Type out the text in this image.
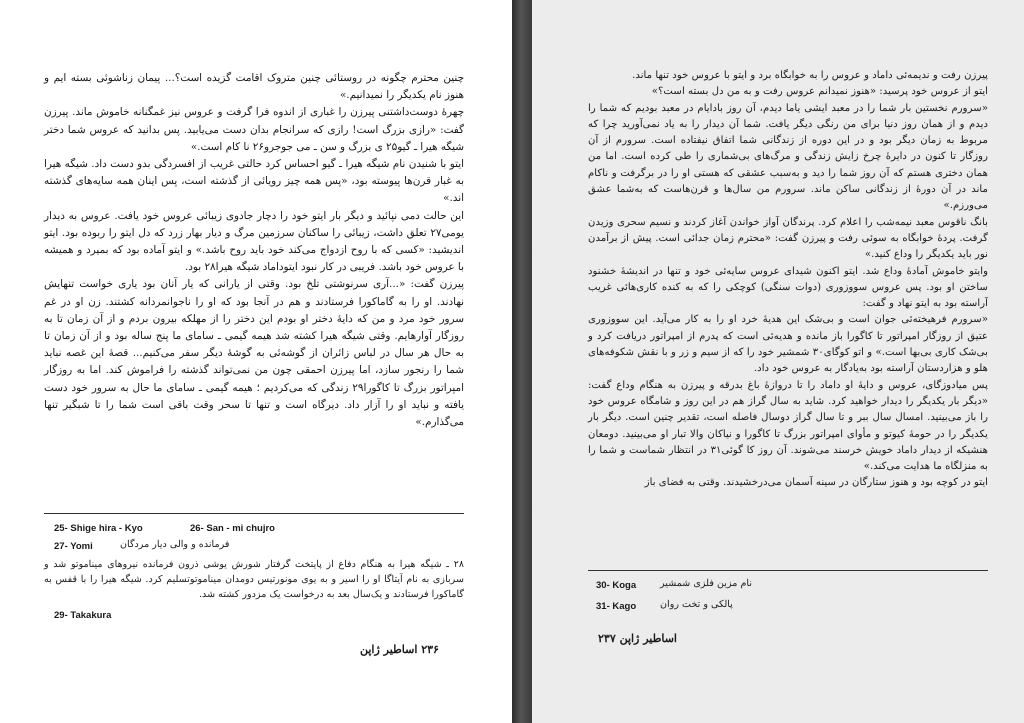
چنین محترم چگونه در روستائی چنین متروک اقامت گزیده است؟... پیمان زناشوئی بسته ایم و هنوز نام یکدیگر را نمیدانیم.»

چهرهٔ دوست‌داشتنی پیرزن را غباری از اندوه فرا گرفت و عروس نیز غمگنانه خاموش ماند. پیرزن گفت: «رازی بزرگ است! رازی که سرانجام بدان دست می‌یابید. پس بدانید که عروس شما دختر شیگه هیرا ـ گیو۲۵ ی بزرگ و سن ـ می جوجرو۲۶ نا کام است.»

ایتو با شنیدن نام شیگه هیرا ـ گیو احساس کرد حالتی غریب از افسردگی بدو دست داد. شیگه هیرا به غبار قرن‌ها پیوسته بود، «پس همه چیز رویائی از گذشته است، پس اینان همه سایه‌های گذشته اند.»

این حالت دمی نپائید و دیگر بار ایتو خود را دچار جادوی زیبائی عروس خود یافت. عروس به دیدار یومی۲۷ تعلق داشت، زیبائی را ساکنان سرزمین مرگ و دیار بهار زرد که دل ایتو را ربوده بود. ایتو اندیشید: «کسی که با روح ازدواج می‌کند خود باید روح باشد.» و ایتو آماده بود که بمیرد و همیشه با عروس خود باشد. فریبی در کار نبود ایتوداماد شیگه هیرا۲۸ بود.

پیرزن گفت: «...آری سرنوشتی تلخ بود. وقتی از یارانی که یار آنان بود یاری خواست تنهایش نهادند. او را به گاماکورا فرستادند و هم در آنجا بود که او را ناجوانمردانه کشتند. زن او در غم سرور خود مرد و من که دایهٔ دختر او بودم این دختر را از مهلکه بیرون بردم و از آن زمان تا به روزگار آوارهایم. وقتی شیگه هیرا کشته شد هیمه گیمی ـ سامای ما پنج ساله بود و از آن زمان تا به حال هر سال در لباس زائران از گوشه‌ئی به گوشهٔ دیگر سفر می‌کنیم... قصهٔ این غصه نباید شما را رنجور سازد، اما پیرزن احمقی چون من نمی‌تواند گذشته را فراموش کند. اما به روزگار امپراتور بزرگ تا کاگورا۲۹ زندگی که می‌کردیم ؛ هیمه گیمی ـ سامای ما حال به سرور خود دست یافته و نباید او را آزار داد. دیرگاه است و تنها تا سحر وقت باقی است شما را تا شبگیر تنها می‌گذارم.»

25- Shige hira - Kyo	26- San - mi chujro
27- Yomi	فرمانده و والی دیار مردگان
۲۸ ـ شیگه هیرا به هنگام دفاع از پایتخت گرفتار شورش یوشی ذرون فرمانده نیروهای میناموتو شد و سربازی به نام آیتاگا او را اسیر و به یوی مونورتیس دومدان میناموتوتسلیم کرد. شیگه هیرا را با قفس به گاماکورا فرستادند و یک‌سال بعد به درخواست یک مزدور کشته شد.
29- Takakura
۲۳۶ اساطیر ژاپن

پیرزن رفت و ندیمه‌ئی داماد و عروس را به خوابگاه برد و ایتو با عروس خود تنها ماند.

ایتو از عروس خود پرسید: «هنوز نمیدانم عروس رفت و به من دل بسته است؟»

«سرورم نخستین بار شما را در معبد ایشی یاما دیدم، آن روز بادایام در معبد بودیم که شما را دیدم و از همان روز دنیا برای من رنگی دیگر یافت. شما آن دیدار را به یاد نمی‌آورید چرا که مربوط به زمان دیگر بود و در این دوره از زندگانی شما اتفاق نیفتاده است. سرورم از آن روزگار تا کنون در دایرهٔ چرخ زایش زندگی و مرگ‌های بی‌شماری را طی کرده است. اما من همان دختری هستم که آن روز شما را دید و به‌سبب عشقی که هستی او را در برگرفت و ناکام ماند در آن دورهٔ از زندگانی ساکن ماند. سرورم من سال‌ها و قرن‌هاست که به‌شما عشق می‌ورزم.»

بانگ ناقوس معبد نیمه‌شب را اعلام کرد. پرندگان آواز خواندن آغاز کردند و نسیم سحری وزیدن گرفت. پردهٔ خوابگاه به سوئی رفت و پیرزن گفت: «محترم زمان جدائی است. پیش از برآمدن نور باید یکدیگر را وداع کنید.»

وایتو خاموش آمادهٔ وداع شد. ایتو اکنون شیدای عروس سایه‌ئی خود و تنها در اندیشهٔ خشنود ساختن او بود. پس عروس سووزوری (دوات سنگی) کوچکی را که به کنده کاری‌هائی غریب آراسته بود به ایتو نهاد و گفت:

«سرورم فرهیخته‌ئی جوان است و بی‌شک این هدیهٔ خرد او را به کار می‌آید. این سووزوری عتیق از روزگار امپراتور تا کاگورا باز مانده و هدیه‌ئی است که پدرم از امپراتور دریافت کرد و بی‌شک کاری بی‌بها است.» و اتو کوگای۳۰ شمشیر خود را که از سیم و زر و با نقش شکوفه‌های هلو و هزاردستان آراسته بود به‌یادگار به عروس خود داد.

پس میادوزگای، عروس و دایهٔ او داماد را تا دروازهٔ باغ بدرقه و پیرزن به هنگام وداع گفت: «دیگر بار یکدیگر را دیدار خواهید کرد. شاید به سال گراز هم در این روز و شامگاه عروس خود را باز می‌بینید. امسال سال ببر و تا سال گراز دوسال فاصله است، تقدیر چنین است. دیگر بار یکدیگر را در حومهٔ کیوتو و مأوای امپراتور بزرگ تا کاگورا و نیاکان والا تبار او می‌بینید. دومعان هنشیکه از دیدار داماد خویش خرسند می‌شوند. آن روز کا گوئی۳۱ در انتظار شماست و شما را به منزلگاه ما هدایت می‌کند.»

ایتو در کوچه بود و هنوز ستارگان در سینه آسمان می‌درخشیدند. وقتی به فضای باز

30- Koga نام مزین فلزی شمشیر
31- Kago پالکی و تخت روان
اساطیر ژاپن ۲۳۷
